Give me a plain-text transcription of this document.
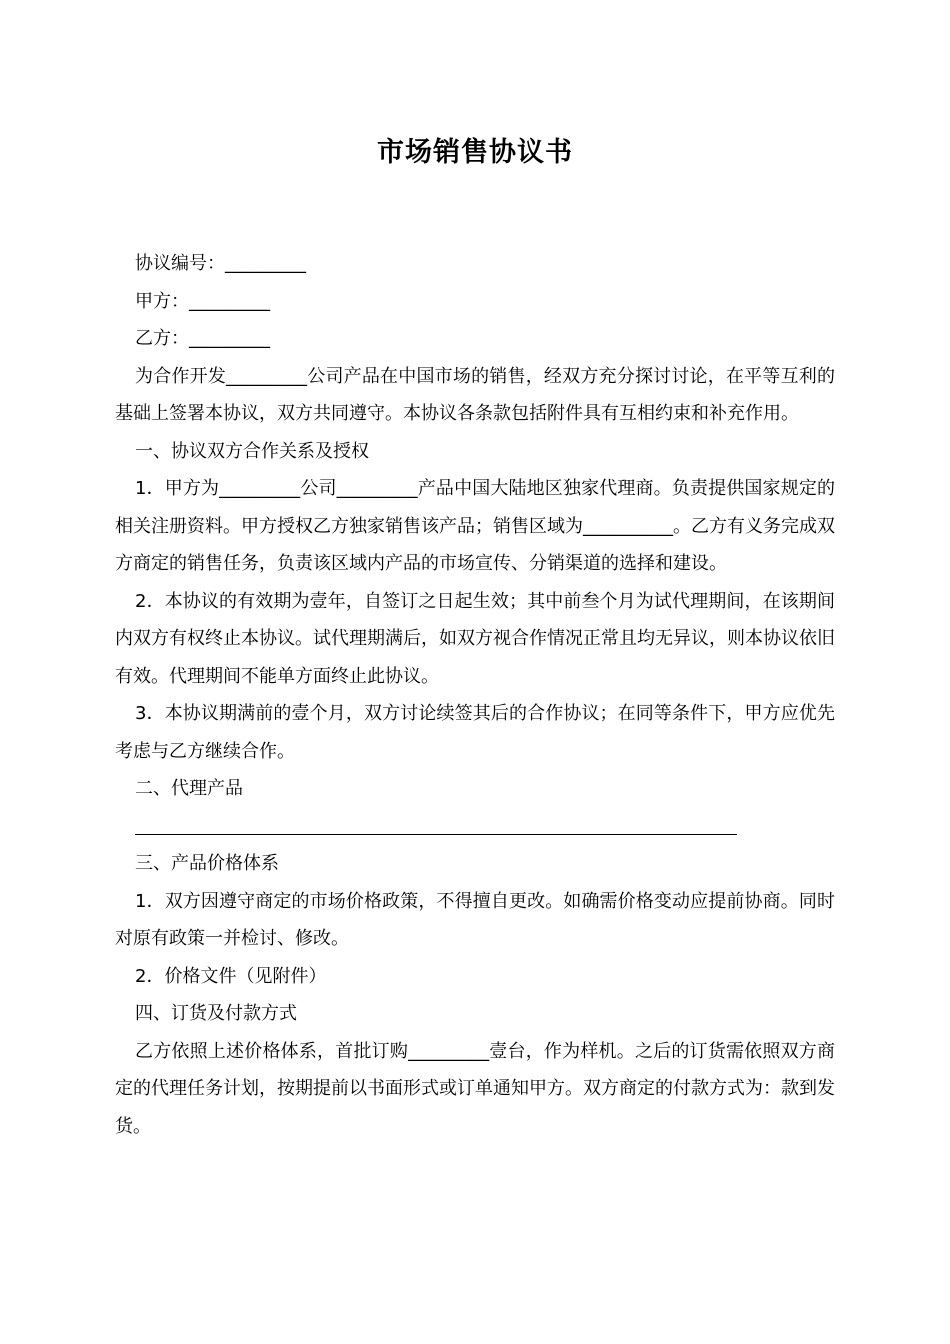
市场销售协议书
协议编号：_________
甲方：_________
乙方：_________
为合作开发_________公司产品在中国市场的销售，经双方充分探讨讨论，在平等互利的基础上签署本协议，双方共同遵守。本协议各条款包括附件具有互相约束和补充作用。
一、协议双方合作关系及授权
1．甲方为_________公司_________产品中国大陆地区独家代理商。负责提供国家规定的相关注册资料。甲方授权乙方独家销售该产品；销售区域为__________。乙方有义务完成双方商定的销售任务，负责该区域内产品的市场宣传、分销渠道的选择和建设。
2．本协议的有效期为壹年，自签订之日起生效；其中前叁个月为试代理期间，在该期间内双方有权终止本协议。试代理期满后，如双方视合作情况正常且均无异议，则本协议依旧有效。代理期间不能单方面终止此协议。
3．本协议期满前的壹个月，双方讨论续签其后的合作协议；在同等条件下，甲方应优先考虑与乙方继续合作。
二、代理产品
三、产品价格体系
1．双方因遵守商定的市场价格政策，不得擅自更改。如确需价格变动应提前协商。同时对原有政策一并检讨、修改。
2．价格文件（见附件）
四、订货及付款方式
乙方依照上述价格体系，首批订购_________壹台，作为样机。之后的订货需依照双方商定的代理任务计划，按期提前以书面形式或订单通知甲方。双方商定的付款方式为：款到发货。
